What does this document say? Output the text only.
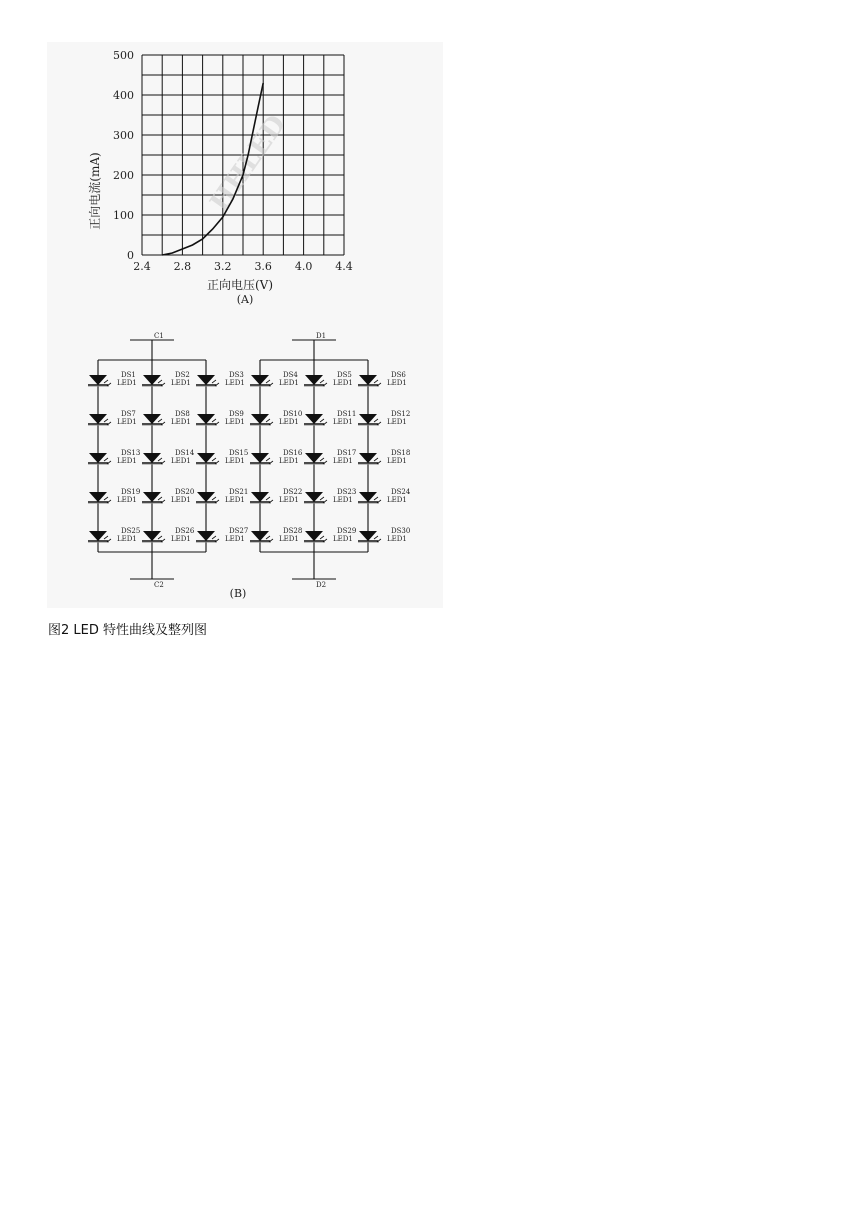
0
100
200
300
400
500
2.4 2.8 3.2 3.6 4.0 4.4
正向电流(mA)
正向电压(V)
(A)
HHLED
C1
C2
D1
D2
DS1
LED1
DS2
LED1
DS3
LED1
DS4
LED1
DS5
LED1
DS6
LED1
DS7
LED1
DS8
LED1
DS9
LED1
DS10
LED1
DS11
LED1
DS12
LED1
DS13
LED1
DS14
LED1
DS15
LED1
DS16
LED1
DS17
LED1
DS18
LED1
DS19
LED1
DS20
LED1
DS21
LED1
DS22
LED1
DS23
LED1
DS24
LED1
DS25
LED1
DS26
LED1
DS27
LED1
DS28
LED1
DS29
LED1
DS30
LED1
(B)
图2 LED 特性曲线及整列图
